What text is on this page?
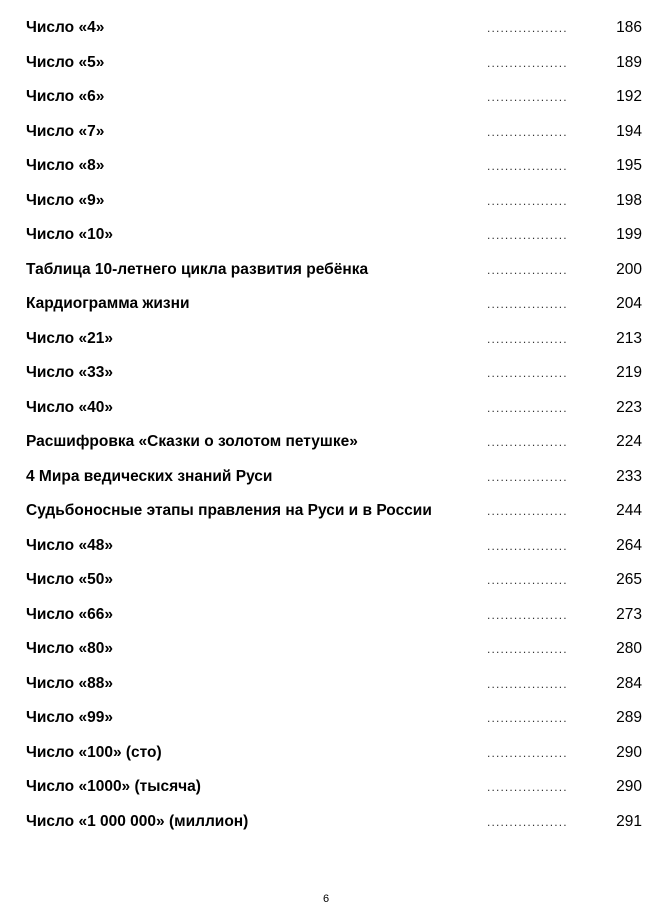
Число «4»	..................	186
Число «5»	..................	189
Число «6»	..................	192
Число «7»	..................	194
Число «8»	..................	195
Число «9»	..................	198
Число «10»	..................	199
Таблица 10-летнего цикла развития ребёнка	..................	200
Кардиограмма жизни	..................	204
Число «21»	..................	213
Число «33»	..................	219
Число «40»	..................	223
Расшифровка «Сказки о золотом петушке»	..................	224
4 Мира ведических знаний Руси	..................	233
Судьбоносные этапы правления на Руси и в России	..................	244
Число «48»	..................	264
Число «50»	..................	265
Число «66»	..................	273
Число «80»	..................	280
Число «88»	..................	284
Число «99»	..................	289
Число «100» (сто)	..................	290
Число «1000» (тысяча)	..................	290
Число «1 000 000» (миллион)	..................	291
6
